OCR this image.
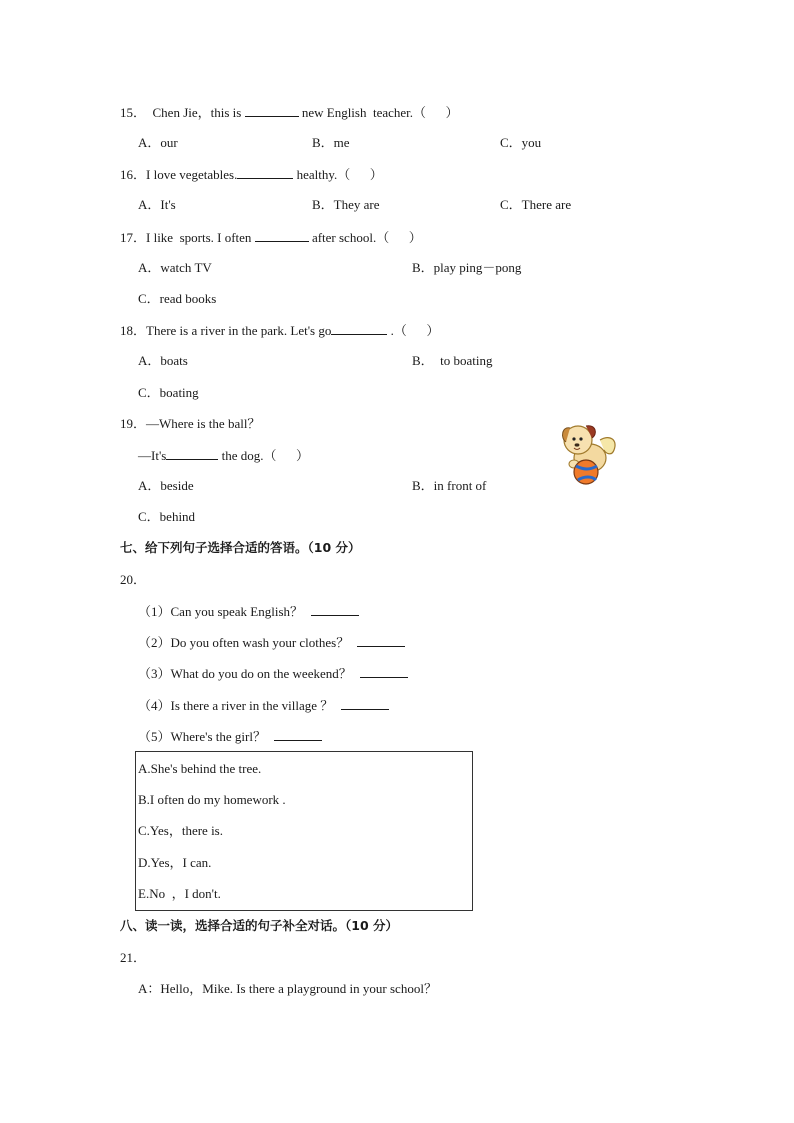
15．  Chen Jie，this is	new English  teacher.（      ）
A．our	B．me	C．you
16．I love vegetables.	healthy.（      ）
A．It's	B．They are	C．There are
17．I like  sports. I often	after school.（      ）
A．watch TV	B．play ping－pong
C．read books
18．There is a river in the park. Let's go	.（      ）
A．boats	B．  to boating
C．boating
19．—Where is the ball？
—It's	the dog.（      ）
A．beside	B．in front of
C．behind
七、给下列句子选择合适的答语。（10 分）
20．
（1）Can you speak English？
（2）Do you often wash your clothes？
（3）What do you do on the weekend？
（4）Is there a river in the village ？
（5）Where's the girl？
A.She's behind the tree.
B.I often do my homework .
C.Yes，there is.
D.Yes，I can.
E.No  ，I don't.
八、读一读，选择合适的句子补全对话。（10 分）
21．
A：Hello，Mike. Is there a playground in your school？
